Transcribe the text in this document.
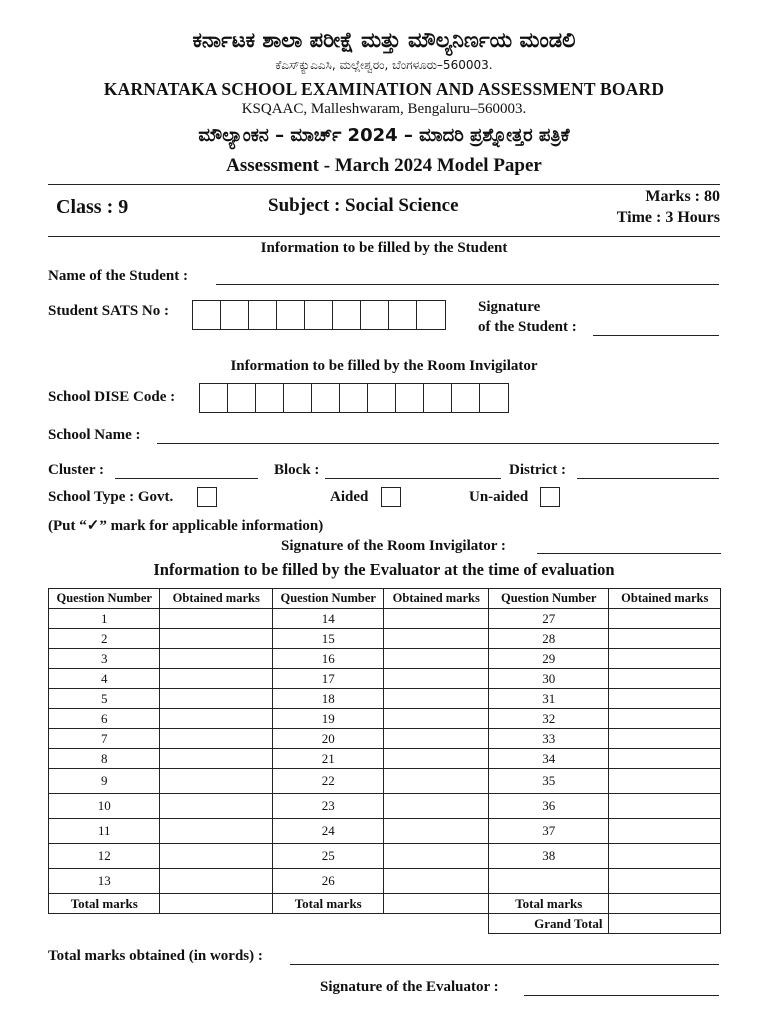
ಕರ್ನಾಟಕ ಶಾಲಾ ಪರೀಕ್ಷೆ ಮತ್ತು ಮೌಲ್ಯನಿರ್ಣಯ ಮಂಡಲಿ
ಕೆಎಸ್‌ಕ್ಯುಎಎಸಿ, ಮಲ್ಲೇಶ್ವರಂ, ಬೆಂಗಳೂರು–560003.
KARNATAKA SCHOOL EXAMINATION AND ASSESSMENT BOARD
KSQAAC, Malleshwaram, Bengaluru–560003.
ಮೌಲ್ಯಾಂಕನ – ಮಾರ್ಚ್ 2024 – ಮಾದರಿ ಪ್ರಶ್ನೋತ್ತರ ಪತ್ರಿಕೆ
Assessment - March 2024 Model Paper
Class : 9	Subject : Social Science	Marks : 80
Time : 3 Hours
Information to be filled by the Student
Name of the Student :
Student SATS No :	Signature
of the Student :
Information to be filled by the Room Invigilator
School DISE Code :
School Name :
Cluster :	Block :	District :
School Type : Govt.	Aided	Un-aided
(Put “✓” mark for applicable information)
Signature of the Room Invigilator :
Information to be filled by the Evaluator at the time of evaluation
Question Number	Obtained marks	Question Number	Obtained marks	Question Number	Obtained marks
1		14		27	
2		15		28	
3		16		29	
4		17		30	
5		18		31	
6		19		32	
7		20		33	
8		21		34	
9		22		35	
10		23		36	
11		24		37	
12		25		38	
13		26			
Total marks		Total marks		Total marks	
				Grand Total	
Total marks obtained (in words) :
Signature of the Evaluator :
